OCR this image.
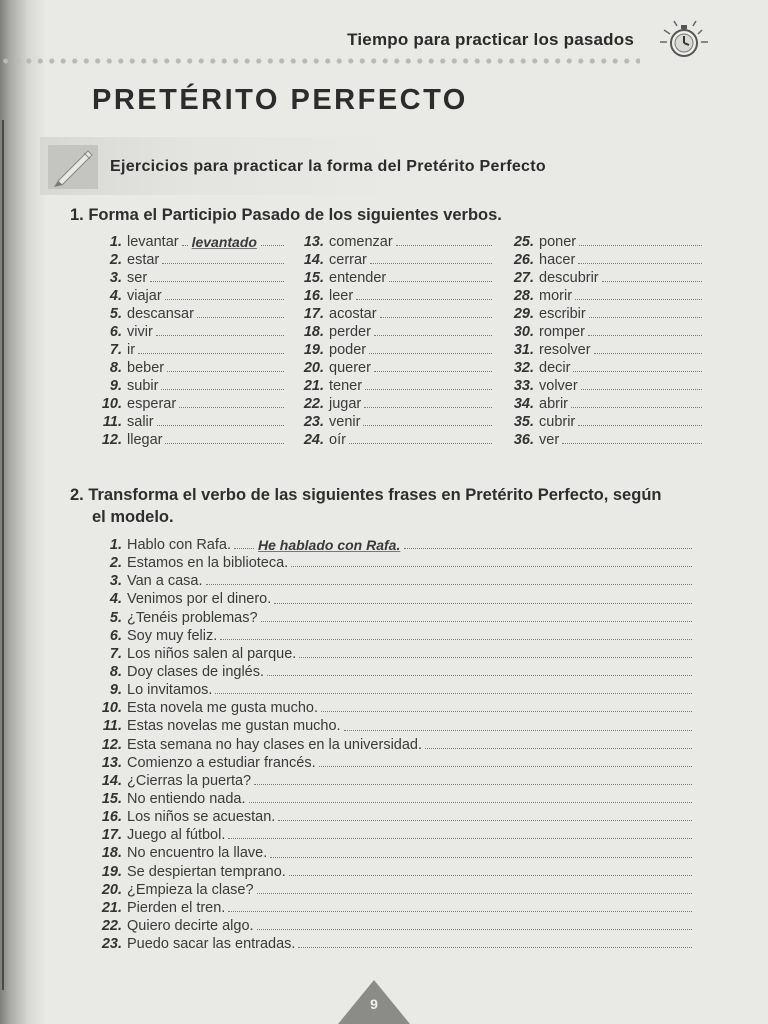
Tiempo para practicar los pasados
PRETÉRITO PERFECTO
Ejercicios para practicar la forma del Pretérito Perfecto
1. Forma el Participio Pasado de los siguientes verbos.
1. levantar levantado
2. estar
3. ser
4. viajar
5. descansar
6. vivir
7. ir
8. beber
9. subir
10. esperar
11. salir
12. llegar
13. comenzar
14. cerrar
15. entender
16. leer
17. acostar
18. perder
19. poder
20. querer
21. tener
22. jugar
23. venir
24. oír
25. poner
26. hacer
27. descubrir
28. morir
29. escribir
30. romper
31. resolver
32. decir
33. volver
34. abrir
35. cubrir
36. ver
2. Transforma el verbo de las siguientes frases en Pretérito Perfecto, según
el modelo.
1. Hablo con Rafa. He hablado con Rafa.
2. Estamos en la biblioteca.
3. Van a casa.
4. Venimos por el dinero.
5. ¿Tenéis problemas?
6. Soy muy feliz.
7. Los niños salen al parque.
8. Doy clases de inglés.
9. Lo invitamos.
10. Esta novela me gusta mucho.
11. Estas novelas me gustan mucho.
12. Esta semana no hay clases en la universidad.
13. Comienzo a estudiar francés.
14. ¿Cierras la puerta?
15. No entiendo nada.
16. Los niños se acuestan.
17. Juego al fútbol.
18. No encuentro la llave.
19. Se despiertan temprano.
20. ¿Empieza la clase?
21. Pierden el tren.
22. Quiero decirte algo.
23. Puedo sacar las entradas.
9
